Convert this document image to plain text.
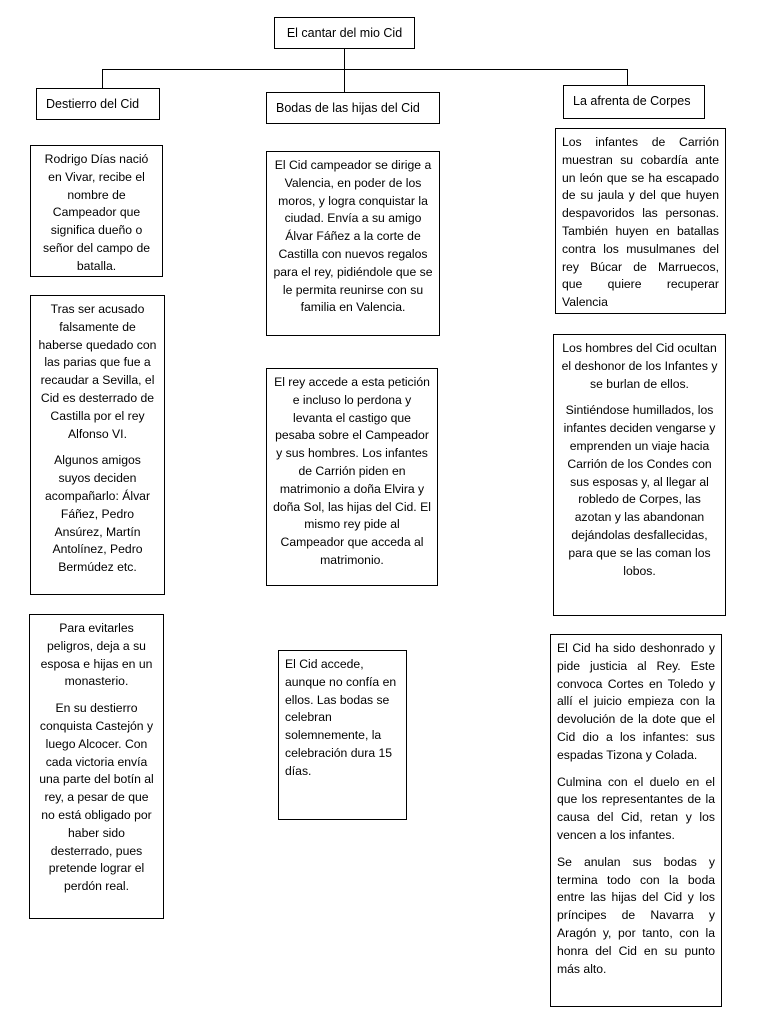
El cantar del mio Cid
Destierro del Cid	Bodas de las hijas del Cid	La afrenta de Corpes

Rodrigo Días nació en Vivar, recibe el nombre de Campeador que significa dueño o señor del campo de batalla.

Tras ser acusado falsamente de haberse quedado con las parias que fue a recaudar a Sevilla, el Cid es desterrado de Castilla por el rey Alfonso VI.

Algunos amigos suyos deciden acompañarlo: Álvar Fáñez, Pedro Ansúrez, Martín Antolínez, Pedro Bermúdez etc.

Para evitarles peligros, deja a su esposa e hijas en un monasterio.

En su destierro conquista Castejón y luego Alcocer. Con cada victoria envía una parte del botín al rey, a pesar de que no está obligado por haber sido desterrado, pues pretende lograr el perdón real.

El Cid campeador se dirige a Valencia, en poder de los moros, y logra conquistar la ciudad. Envía a su amigo Álvar Fáñez a la corte de Castilla con nuevos regalos para el rey, pidiéndole que se le permita reunirse con su familia en Valencia.

El rey accede a esta petición e incluso lo perdona y levanta el castigo que pesaba sobre el Campeador y sus hombres. Los infantes de Carrión piden en matrimonio a doña Elvira y doña Sol, las hijas del Cid. El mismo rey pide al Campeador que acceda al matrimonio.

El Cid accede, aunque no confía en ellos. Las bodas se celebran solemnemente, la celebración dura 15 días.

Los infantes de Carrión muestran su cobardía ante un león que se ha escapado de su jaula y del que huyen despavoridos las personas. También huyen en batallas contra los musulmanes del rey Búcar de Marruecos, que quiere recuperar Valencia

Los hombres del Cid ocultan el deshonor de los Infantes y se burlan de ellos.

Sintiéndose humillados, los infantes deciden vengarse y emprenden un viaje hacia Carrión de los Condes con sus esposas y, al llegar al robledo de Corpes, las azotan y las abandonan dejándolas desfallecidas, para que se las coman los lobos.

El Cid ha sido deshonrado y pide justicia al Rey. Este convoca Cortes en Toledo y allí el juicio empieza con la devolución de la dote que el Cid dio a los infantes: sus espadas Tizona y Colada.

Culmina con el duelo en el que los representantes de la causa del Cid, retan y los vencen a los infantes.

Se anulan sus bodas y termina todo con la boda entre las hijas del Cid y los príncipes de Navarra y Aragón y, por tanto, con la honra del Cid en su punto más alto.
